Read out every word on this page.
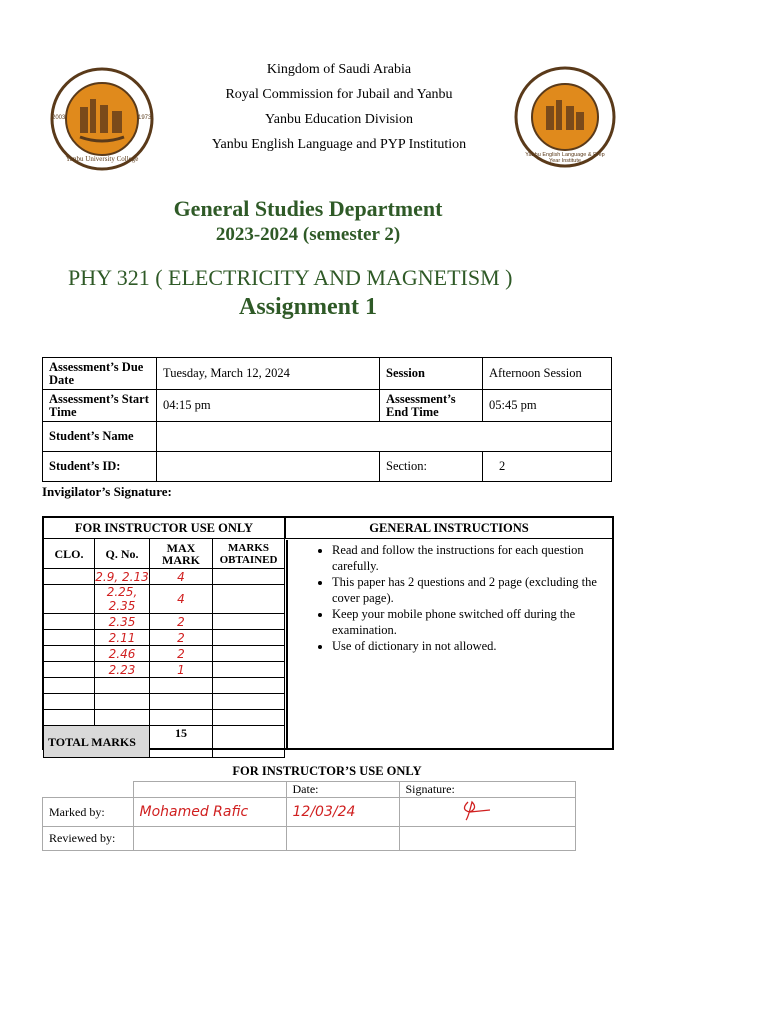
Yanbu University College
2003	1973
Yanbu English Language & Prep Year Institute
Kingdom of Saudi Arabia
Royal Commission for Jubail and Yanbu
Yanbu Education Division
Yanbu English Language and PYP Institution
General Studies Department
2023-2024 (semester 2)
PHY 321 ( ELECTRICITY AND MAGNETISM )
Assignment 1
Assessment’s Due Date	Tuesday, March 12, 2024	Session	Afternoon Session
Assessment’s Start Time	04:15 pm	Assessment’s End Time	05:45 pm
Student’s Name			
Student’s ID:		Section:	2
Invigilator’s Signature:
FOR INSTRUCTOR USE ONLY	GENERAL INSTRUCTIONS
CLO.	Q. No.	MAX MARK	MARKS OBTAINED
	2.9, 2.13	4	
	2.25, 2.35	4	
	2.35	2	
	2.11	2	
	2.46	2	
	2.23	1	

TOTAL MARKS		15	
• Read and follow the instructions for each question carefully.
• This paper has 2 questions and 2 page (excluding the cover page).
• Keep your mobile phone switched off during the examination.
• Use of dictionary in not allowed.
FOR INSTRUCTOR’S USE ONLY
		Date:	Signature:
Marked by:	Mohamed Rafic	12/03/24	
Reviewed by:			
